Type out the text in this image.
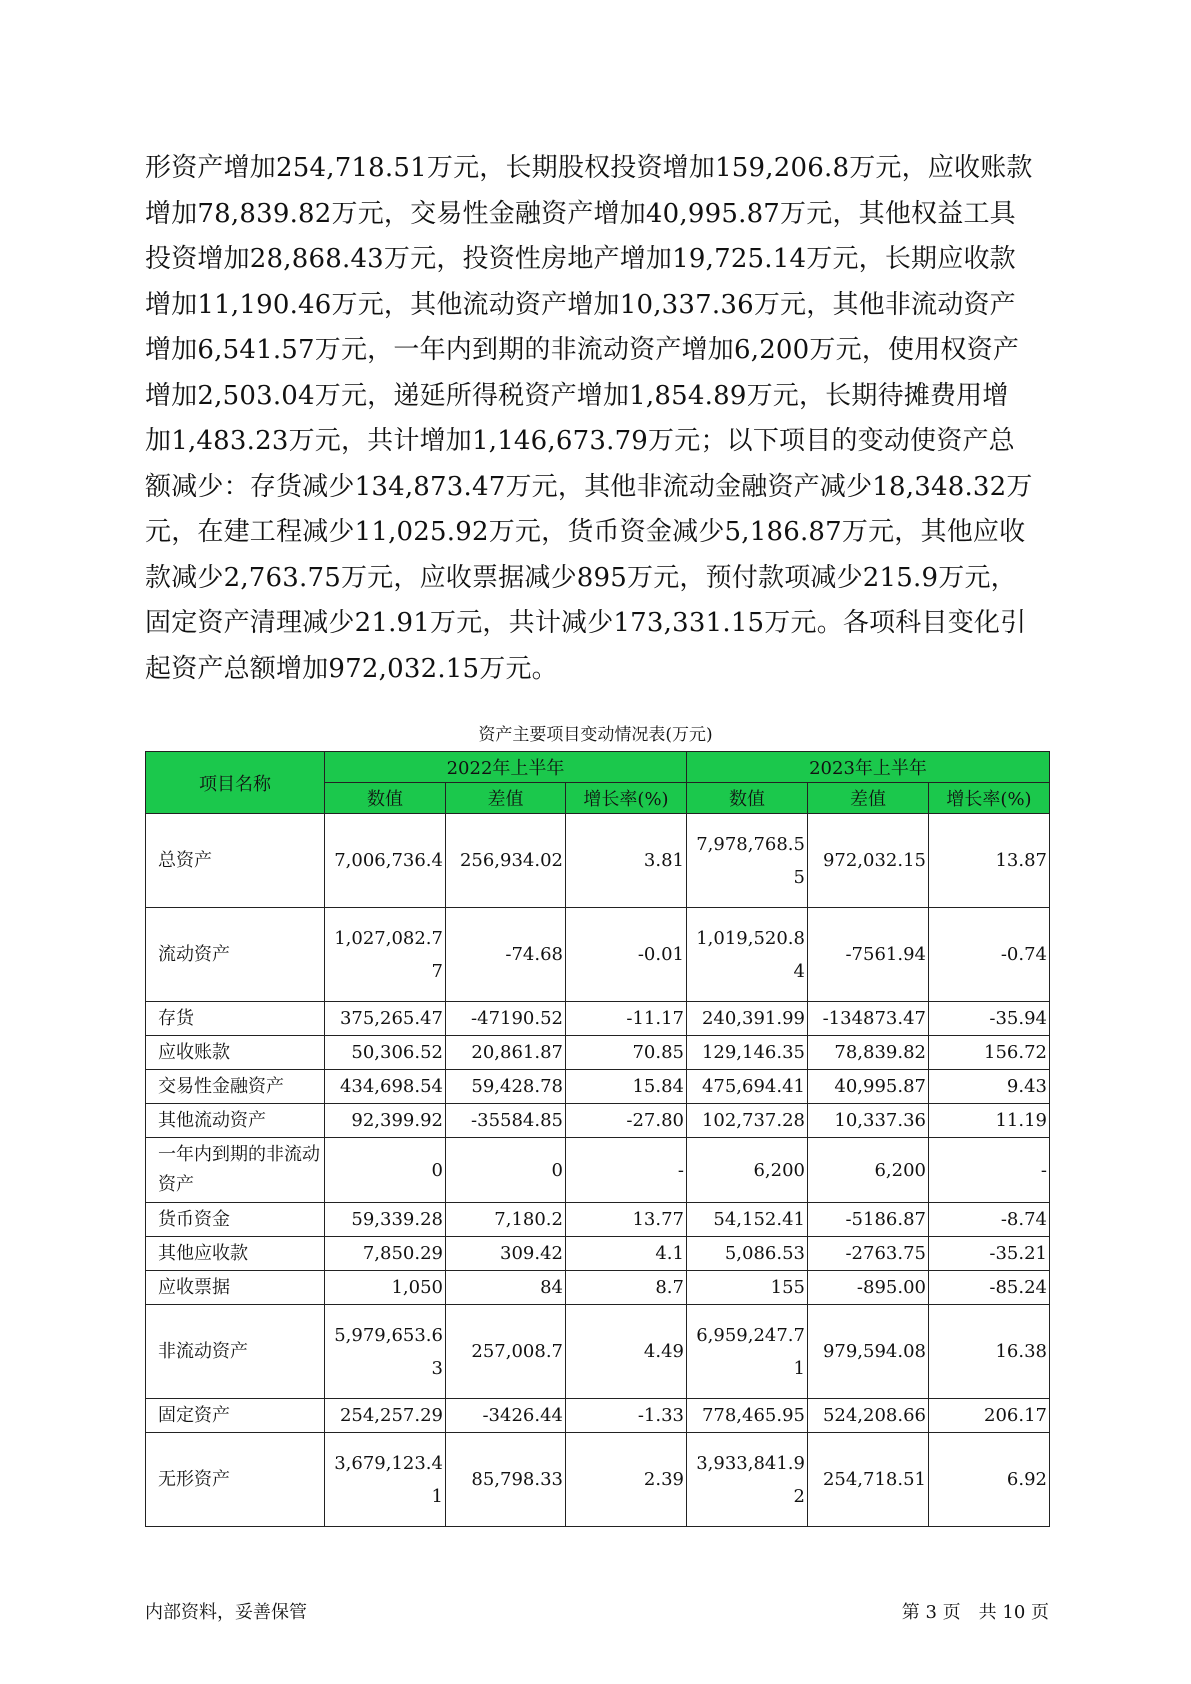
形资产增加254,718.51万元，长期股权投资增加159,206.8万元，应收账款
增加78,839.82万元，交易性金融资产增加40,995.87万元，其他权益工具
投资增加28,868.43万元，投资性房地产增加19,725.14万元，长期应收款
增加11,190.46万元，其他流动资产增加10,337.36万元，其他非流动资产
增加6,541.57万元，一年内到期的非流动资产增加6,200万元，使用权资产
增加2,503.04万元，递延所得税资产增加1,854.89万元，长期待摊费用增
加1,483.23万元，共计增加1,146,673.79万元；以下项目的变动使资产总
额减少：存货减少134,873.47万元，其他非流动金融资产减少18,348.32万
元，在建工程减少11,025.92万元，货币资金减少5,186.87万元，其他应收
款减少2,763.75万元，应收票据减少895万元，预付款项减少215.9万元，
固定资产清理减少21.91万元，共计减少173,331.15万元。各项科目变化引
起资产总额增加972,032.15万元。
资产主要项目变动情况表(万元)
项目名称	2022年上半年			2023年上半年		
	数值	差值	增长率(%)	数值	差值	增长率(%)
总资产	7,006,736.4	256,934.02	3.81	7,978,768.55	972,032.15	13.87
流动资产	1,027,082.77	-74.68	-0.01	1,019,520.84	-7561.94	-0.74
存货	375,265.47	-47190.52	-11.17	240,391.99	-134873.47	-35.94
应收账款	50,306.52	20,861.87	70.85	129,146.35	78,839.82	156.72
交易性金融资产	434,698.54	59,428.78	15.84	475,694.41	40,995.87	9.43
其他流动资产	92,399.92	-35584.85	-27.80	102,737.28	10,337.36	11.19
一年内到期的非流动资产	0	0	-	6,200	6,200	-
货币资金	59,339.28	7,180.2	13.77	54,152.41	-5186.87	-8.74
其他应收款	7,850.29	309.42	4.1	5,086.53	-2763.75	-35.21
应收票据	1,050	84	8.7	155	-895.00	-85.24
非流动资产	5,979,653.63	257,008.7	4.49	6,959,247.71	979,594.08	16.38
固定资产	254,257.29	-3426.44	-1.33	778,465.95	524,208.66	206.17
无形资产	3,679,123.41	85,798.33	2.39	3,933,841.92	254,718.51	6.92
内部资料，妥善保管	第 3 页　共 10 页
